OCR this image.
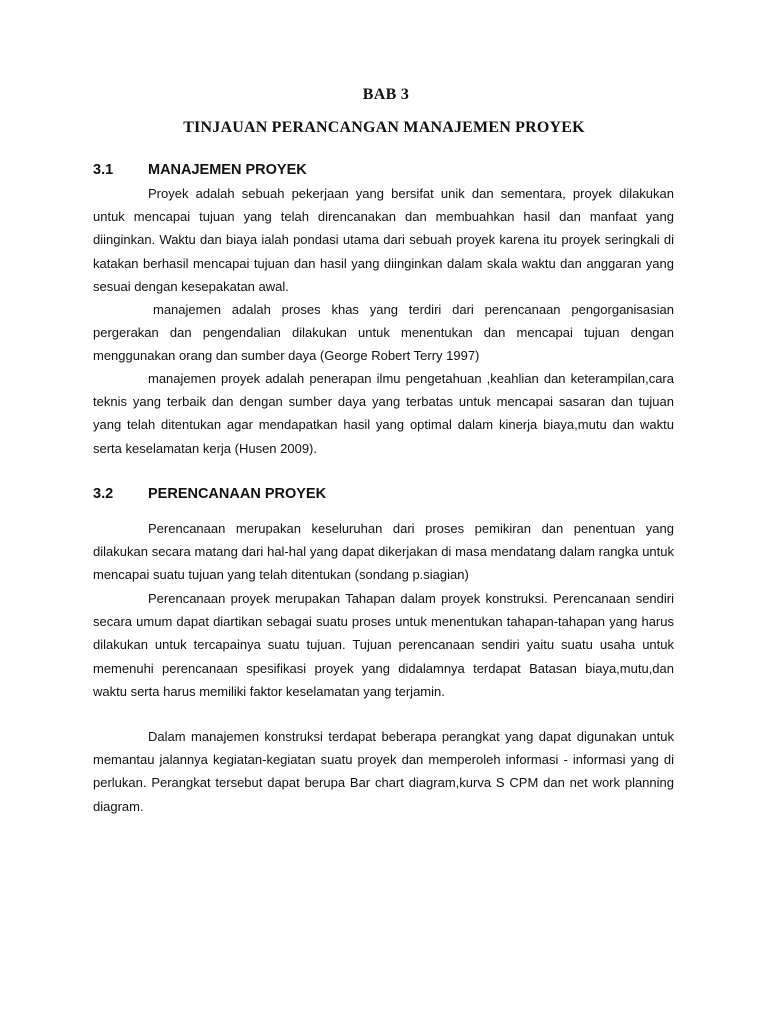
BAB 3
TINJAUAN PERANCANGAN MANAJEMEN PROYEK
3.1 MANAJEMEN PROYEK

Proyek adalah sebuah pekerjaan yang bersifat unik dan sementara, proyek dilakukan untuk mencapai tujuan yang telah direncanakan dan membuahkan hasil dan manfaat yang diinginkan. Waktu dan biaya ialah pondasi utama dari sebuah proyek karena itu proyek seringkali di katakan berhasil mencapai tujuan dan hasil yang diinginkan dalam skala waktu dan anggaran yang sesuai dengan kesepakatan awal.

manajemen adalah proses khas yang terdiri dari perencanaan pengorganisasian pergerakan dan pengendalian dilakukan untuk menentukan dan mencapai tujuan dengan menggunakan orang dan sumber daya (George Robert Terry 1997)

manajemen proyek adalah penerapan ilmu pengetahuan ,keahlian dan keterampilan,cara teknis yang terbaik dan dengan sumber daya yang terbatas untuk mencapai sasaran dan tujuan yang telah ditentukan agar mendapatkan hasil yang optimal dalam kinerja biaya,mutu dan waktu serta keselamatan kerja (Husen 2009).

3.2 PERENCANAAN PROYEK

Perencanaan merupakan keseluruhan dari proses pemikiran dan penentuan yang dilakukan secara matang dari hal-hal yang dapat dikerjakan di masa mendatang dalam rangka untuk mencapai suatu tujuan yang telah ditentukan (sondang p.siagian)

Perencanaan proyek merupakan Tahapan dalam proyek konstruksi. Perencanaan sendiri secara umum dapat diartikan sebagai suatu proses untuk menentukan tahapan-tahapan yang harus dilakukan untuk tercapainya suatu tujuan. Tujuan perencanaan sendiri yaitu suatu usaha untuk memenuhi perencanaan spesifikasi proyek yang didalamnya terdapat Batasan biaya,mutu,dan waktu serta harus memiliki faktor keselamatan yang terjamin.

Dalam manajemen konstruksi terdapat beberapa perangkat yang dapat digunakan untuk memantau jalannya kegiatan-kegiatan suatu proyek dan memperoleh informasi - informasi yang di perlukan. Perangkat tersebut dapat berupa Bar chart diagram,kurva S CPM dan net work planning diagram.
